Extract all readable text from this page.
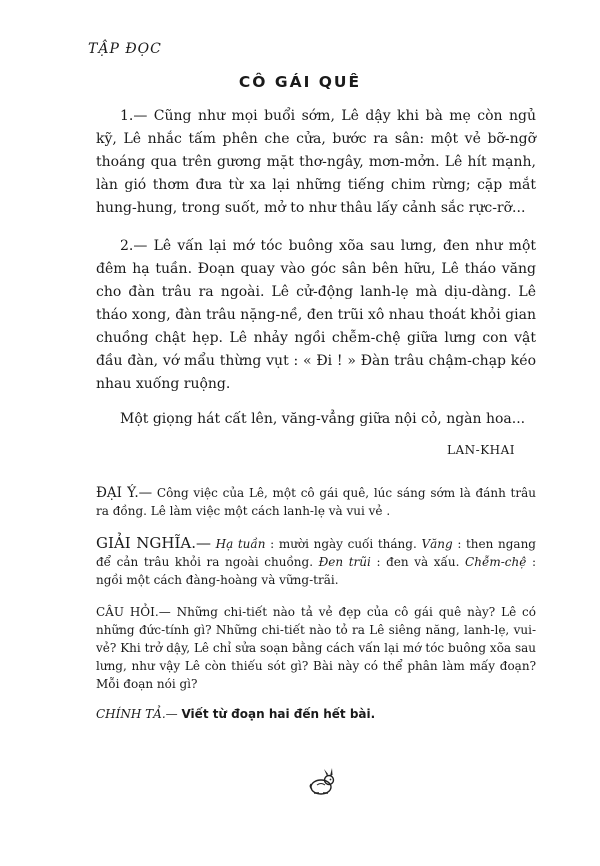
TẬP ĐỌC
CÔ GÁI QUÊ

1.— Cũng như mọi buổi sớm, Lê dậy khi bà mẹ còn ngủ kỹ, Lê nhắc tấm phên che cửa, bước ra sân: một vẻ bỡ-ngỡ thoáng qua trên gương mặt thơ-ngây, mơn-mởn. Lê hít mạnh, làn gió thơm đưa từ xa lại những tiếng chim rừng; cặp mắt hung-hung, trong suốt, mở to như thâu lấy cảnh sắc rực-rỡ...

2.— Lê vấn lại mớ tóc buông xõa sau lưng, đen như một đêm hạ tuần. Đoạn quay vào góc sân bên hữu, Lê tháo văng cho đàn trâu ra ngoài. Lê cử-động lanh-lẹ mà dịu-dàng. Lê tháo xong, đàn trâu nặng-nề, đen trũi xô nhau thoát khỏi gian chuồng chật hẹp. Lê nhảy ngồi chễm-chệ giữa lưng con vật đầu đàn, vớ mẩu thừng vụt : « Đi ! » Đàn trâu chậm-chạp kéo nhau xuống ruộng.

Một giọng hát cất lên, văng-vẳng giữa nội cỏ, ngàn hoa...

LAN-KHAI

ĐẠI Ý.— Công việc của Lê, một cô gái quê, lúc sáng sớm là đánh trâu ra đồng. Lê làm việc một cách lanh-lẹ và vui vẻ .

GIẢI NGHĨA.— Hạ tuần : mười ngày cuối tháng. Văng : then ngang để cản trâu khỏi ra ngoài chuồng. Đen trũi : đen và xấu. Chễm-chệ : ngồi một cách đàng-hoàng và vững-trãi.

CÂU HỎI.— Những chi-tiết nào tả vẻ đẹp của cô gái quê này? Lê có những đức-tính gì? Những chi-tiết nào tỏ ra Lê siêng năng, lanh-lẹ, vui-vẻ? Khi trở dậy, Lê chỉ sửa soạn bằng cách vấn lại mớ tóc buông xõa sau lưng, như vậy Lê còn thiếu sót gì? Bài này có thể phân làm mấy đoạn? Mỗi đoạn nói gì?

CHÍNH TẢ.— Viết từ đoạn hai đến hết bài.
